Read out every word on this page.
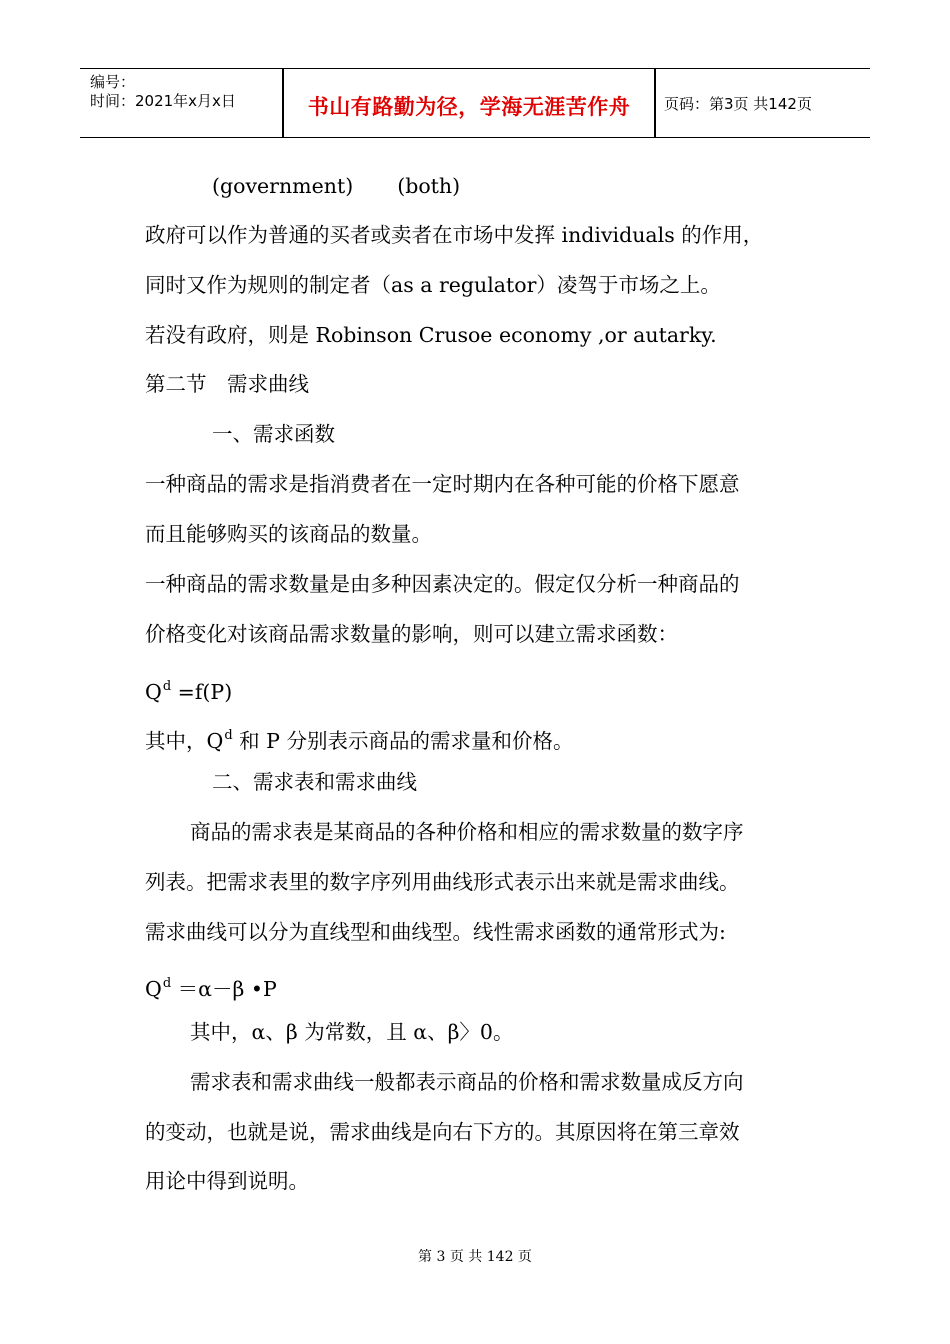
编号：
时间：2021年x月x日	书山有路勤为径，学海无涯苦作舟	页码：第3页 共142页
(government) (both)
政府可以作为普通的买者或卖者在市场中发挥 individuals 的作用，
同时又作为规则的制定者（as a regulator）凌驾于市场之上。
若没有政府，则是 Robinson Crusoe economy ,or autarky.
第二节　需求曲线
一、需求函数
一种商品的需求是指消费者在一定时期内在各种可能的价格下愿意
而且能够购买的该商品的数量。
一种商品的需求数量是由多种因素决定的。假定仅分析一种商品的
价格变化对该商品需求数量的影响，则可以建立需求函数：
$Q^d =f(P)$
其中，$Q^d$ 和 P 分别表示商品的需求量和价格。
二、需求表和需求曲线
商品的需求表是某商品的各种价格和相应的需求数量的数字序
列表。把需求表里的数字序列用曲线形式表示出来就是需求曲线。
需求曲线可以分为直线型和曲线型。线性需求函数的通常形式为:
$Q^d =\alpha-\beta$ •P
其中，α、β 为常数，且 α、β〉0。
需求表和需求曲线一般都表示商品的价格和需求数量成反方向
的变动，也就是说，需求曲线是向右下方的。其原因将在第三章效
用论中得到说明。
第 3 页 共 142 页
